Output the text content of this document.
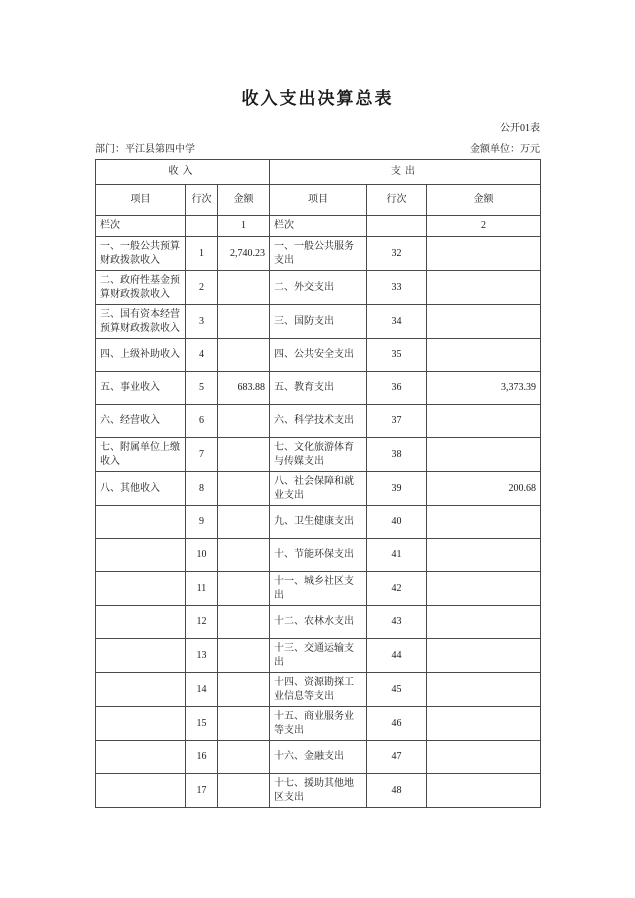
收入支出决算总表
公开01表
部门：平江县第四中学	金额单位：万元
收入			支出		
项目	行次	金额	项目	行次	金额
栏次		1	栏次		2
一、一般公共预算财政拨款收入	1	2,740.23	一、一般公共服务支出	32	
二、政府性基金预算财政拨款收入	2		二、外交支出	33	
三、国有资本经营预算财政拨款收入	3		三、国防支出	34	
四、上级补助收入	4		四、公共安全支出	35	
五、事业收入	5	683.88	五、教育支出	36	3,373.39
六、经营收入	6		六、科学技术支出	37	
七、附属单位上缴收入	7		七、文化旅游体育与传媒支出	38	
八、其他收入	8		八、社会保障和就业支出	39	200.68
	9		九、卫生健康支出	40	
	10		十、节能环保支出	41	
	11		十一、城乡社区支出	42	
	12		十二、农林水支出	43	
	13		十三、交通运输支出	44	
	14		十四、资源勘探工业信息等支出	45	
	15		十五、商业服务业等支出	46	
	16		十六、金融支出	47	
	17		十七、援助其他地区支出	48	
